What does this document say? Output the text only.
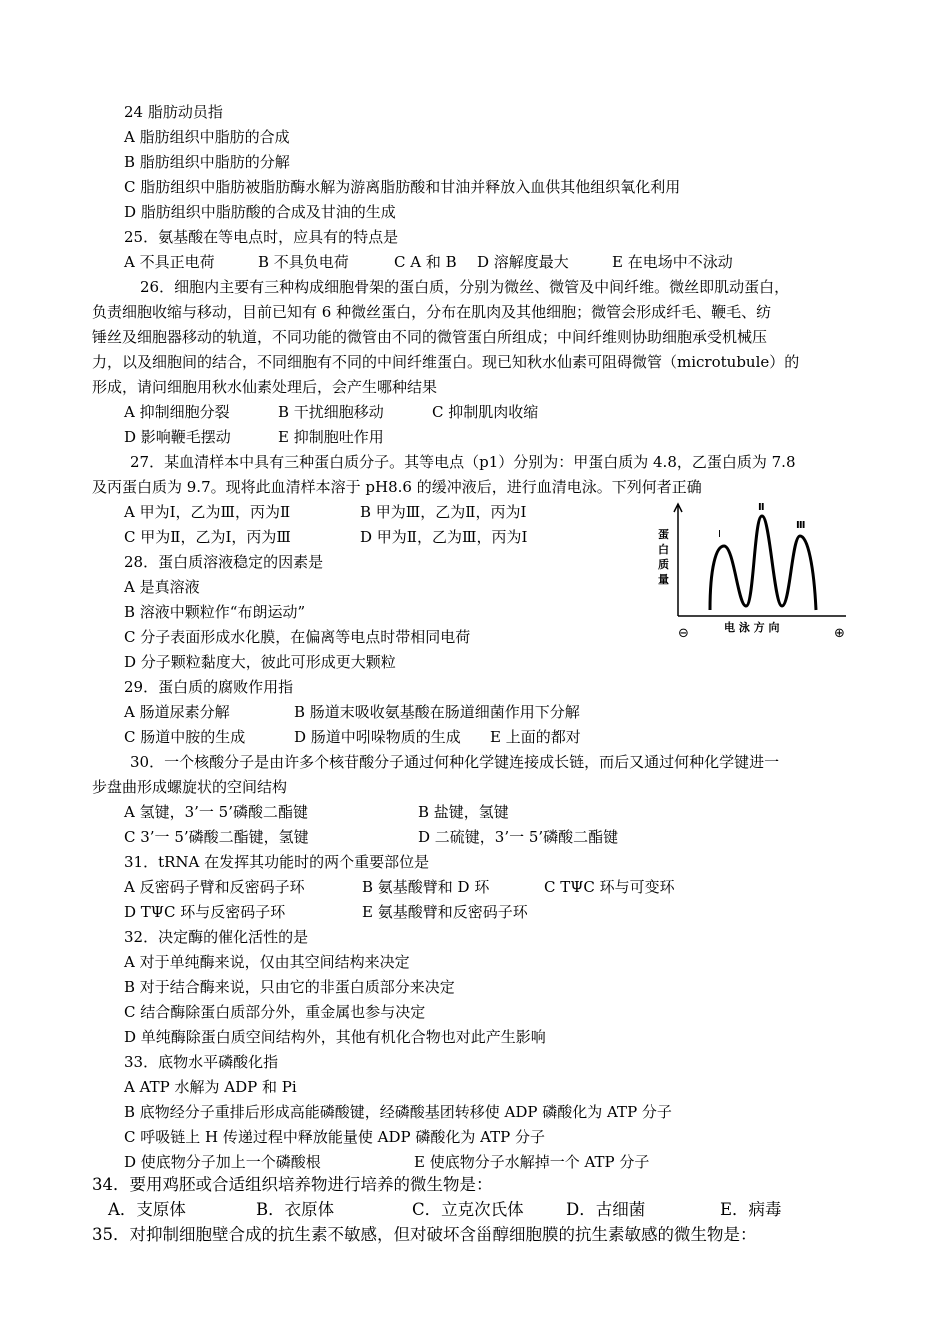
24 脂肪动员指
A 脂肪组织中脂肪的合成
B 脂肪组织中脂肪的分解
C 脂肪组织中脂肪被脂肪酶水解为游离脂肪酸和甘油并释放入血供其他组织氧化利用
D 脂肪组织中脂肪酸的合成及甘油的生成
25．氨基酸在等电点时，应具有的特点是
A 不具正电荷	B 不具负电荷	C A 和 B D 溶解度最大	E 在电场中不泳动
26．细胞内主要有三种构成细胞骨架的蛋白质，分别为微丝、微管及中间纤维。微丝即肌动蛋白，
负责细胞收缩与移动，目前已知有 6 种微丝蛋白，分布在肌肉及其他细胞；微管会形成纤毛、鞭毛、纺
锤丝及细胞器移动的轨道，不同功能的微管由不同的微管蛋白所组成；中间纤维则协助细胞承受机械压
力，以及细胞间的结合，不同细胞有不同的中间纤维蛋白。现已知秋水仙素可阻碍微管（microtubule）的
形成，请问细胞用秋水仙素处理后，会产生哪种结果
A 抑制细胞分裂	B 干扰细胞移动	C 抑制肌肉收缩
D 影响鞭毛摆动	E 抑制胞吐作用
27．某血清样本中具有三种蛋白质分子。其等电点（p1）分别为：甲蛋白质为 4.8，乙蛋白质为 7.8
及丙蛋白质为 9.7。现将此血清样本溶于 pH8.6 的缓冲液后，进行血清电泳。下列何者正确
A 甲为Ⅰ，乙为Ⅲ，丙为Ⅱ	B 甲为Ⅲ，乙为Ⅱ，丙为Ⅰ
C 甲为Ⅱ，乙为Ⅰ，丙为Ⅲ	D 甲为Ⅱ，乙为Ⅲ，丙为Ⅰ	蛋
白
质
量
Ⅰ
Ⅱ
Ⅲ
电 泳 方 向
⊖	⊕
28．蛋白质溶液稳定的因素是
A 是真溶液
B 溶液中颗粒作“布朗运动”
C 分子表面形成水化膜，在偏离等电点时带相同电荷
D 分子颗粒黏度大，彼此可形成更大颗粒
29．蛋白质的腐败作用指
A 肠道尿素分解	B 肠道末吸收氨基酸在肠道细菌作用下分解
C 肠道中胺的生成	D 肠道中吲哚物质的生成 E 上面的都对
30．一个核酸分子是由许多个核苷酸分子通过何种化学键连接成长链，而后又通过何种化学键进一
步盘曲形成螺旋状的空间结构
A 氢键，3’一 5’磷酸二酯键	B 盐键，氢键
C 3’一 5’磷酸二酯键，氢键	D 二硫键，3’一 5’磷酸二酯键
31．tRNA 在发挥其功能时的两个重要部位是
A 反密码子臂和反密码子环	B 氨基酸臂和 D 环	C TΨC 环与可变环
D TΨC 环与反密码子环	E 氨基酸臂和反密码子环
32．决定酶的催化活性的是
A 对于单纯酶来说，仅由其空间结构来决定
B 对于结合酶来说，只由它的非蛋白质部分来决定
C 结合酶除蛋白质部分外，重金属也参与决定
D 单纯酶除蛋白质空间结构外，其他有机化合物也对此产生影响
33．底物水平磷酸化指
A ATP 水解为 ADP 和 Pi
B 底物经分子重排后形成高能磷酸键，经磷酸基团转移使 ADP 磷酸化为 ATP 分子
C 呼吸链上 H 传递过程中释放能量使 ADP 磷酸化为 ATP 分子
D 使底物分子加上一个磷酸根	E 使底物分子水解掉一个 ATP 分子
34．要用鸡胚或合适组织培养物进行培养的微生物是：
A．支原体	B．衣原体	C．立克次氏体	D．古细菌	E．病毒
35．对抑制细胞壁合成的抗生素不敏感，但对破坏含甾醇细胞膜的抗生素敏感的微生物是：
